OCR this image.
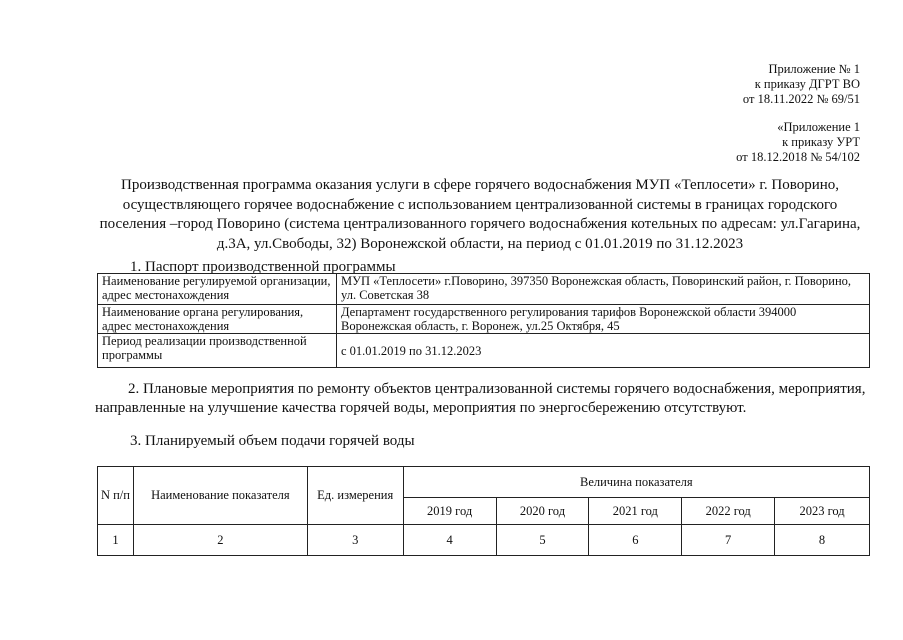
Приложение № 1
к приказу ДГРТ ВО
от 18.11.2022 № 69/51
«Приложение 1
к приказу УРТ
от 18.12.2018 № 54/102
Производственная программа оказания услуги в сфере горячего водоснабжения МУП «Теплосети» г. Поворино, осуществляющего горячее водоснабжение с использованием централизованной системы в границах городского поселения –город Поворино (система централизованного горячего водоснабжения котельных по адресам: ул.Гагарина, д.3А, ул.Свободы, 32) Воронежской области, на период с 01.01.2019 по 31.12.2023
1. Паспорт производственной программы
Наименование регулируемой организации, адрес местонахождения	МУП «Теплосети» г.Поворино, 397350 Воронежская область, Поворинский район, г. Поворино, ул. Советская 38
Наименование органа регулирования, адрес местонахождения	Департамент государственного регулирования тарифов Воронежской области 394000 Воронежская область, г. Воронеж, ул.25 Октября, 45
Период реализации производственной программы	с 01.01.2019 по 31.12.2023
2. Плановые мероприятия по ремонту объектов централизованной системы горячего водоснабжения, мероприятия, направленные на улучшение качества горячей воды, мероприятия по энергосбережению отсутствуют.
3. Планируемый объем подачи горячей воды
N п/п	Наименование показателя	Ед. измерения	Величина показателя				
			2019 год	2020 год	2021 год	2022 год	2023 год
1	2	3	4	5	6	7	8
